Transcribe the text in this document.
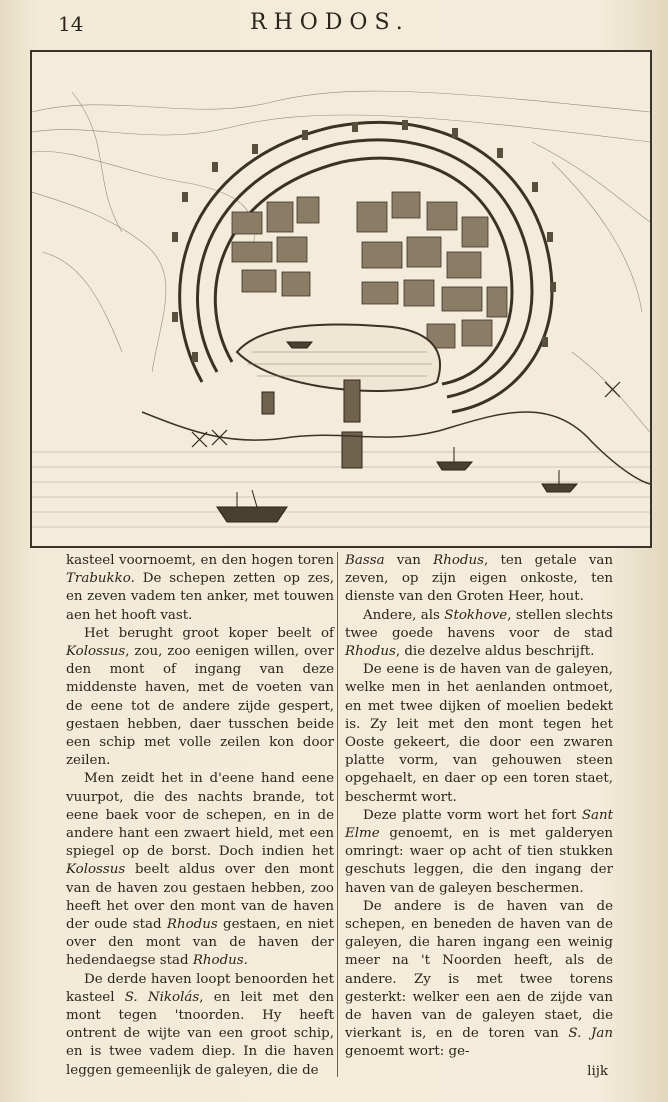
14	RHODOS.

kasteel voornoemt, en den hogen toren Trabukko. De schepen zetten op zes, en zeven vadem ten anker, met touwen aen het hooft vast.

Het berught groot koper beelt of Kolossus, zou, zoo eenigen willen, over den mont of ingang van deze middenste haven, met de voeten van de eene tot de andere zijde gespert, gestaen hebben, daer tusschen beide een schip met volle zeilen kon door zeilen.

Men zeidt het in d'eene hand eene vuurpot, die des nachts brande, tot eene baek voor de schepen, en in de andere hant een zwaert hield, met een spiegel op de borst. Doch indien het Kolossus beelt aldus over den mont van de haven zou gestaen hebben, zoo heeft het over den mont van de haven der oude stad Rhodus gestaen, en niet over den mont van de haven der hedendaegse stad Rhodus.

De derde haven loopt benoorden het kasteel S. Nikolás, en leit met den mont tegen 'tnoorden. Hy heeft ontrent de wijte van een groot schip, en is twee vadem diep. In die haven leggen gemeenlijk de galeyen, die de

Bassa van Rhodus, ten getale van zeven, op zijn eigen onkoste, ten dienste van den Groten Heer, hout.

Andere, als Stokhove, stellen slechts twee goede havens voor de stad Rhodus, die dezelve aldus beschrijft.

De eene is de haven van de galeyen, welke men in het aenlanden ontmoet, en met twee dijken of moelien bedekt is. Zy leit met den mont tegen het Ooste gekeert, die door een zwaren platte vorm, van gehouwen steen opgehaelt, en daer op een toren staet, beschermt wort.

Deze platte vorm wort het fort Sant Elme genoemt, en is met galderyen omringt: waer op acht of tien stukken geschuts leggen, die den ingang der haven van de galeyen beschermen.

De andere is de haven van de schepen, en beneden de haven van de galeyen, die haren ingang een weinig meer na 't Noorden heeft, als de andere. Zy is met twee torens gesterkt: welker een aen de zijde van de haven van de galeyen staet, die vierkant is, en de toren van S. Jan genoemt wort: ge-

lijk
